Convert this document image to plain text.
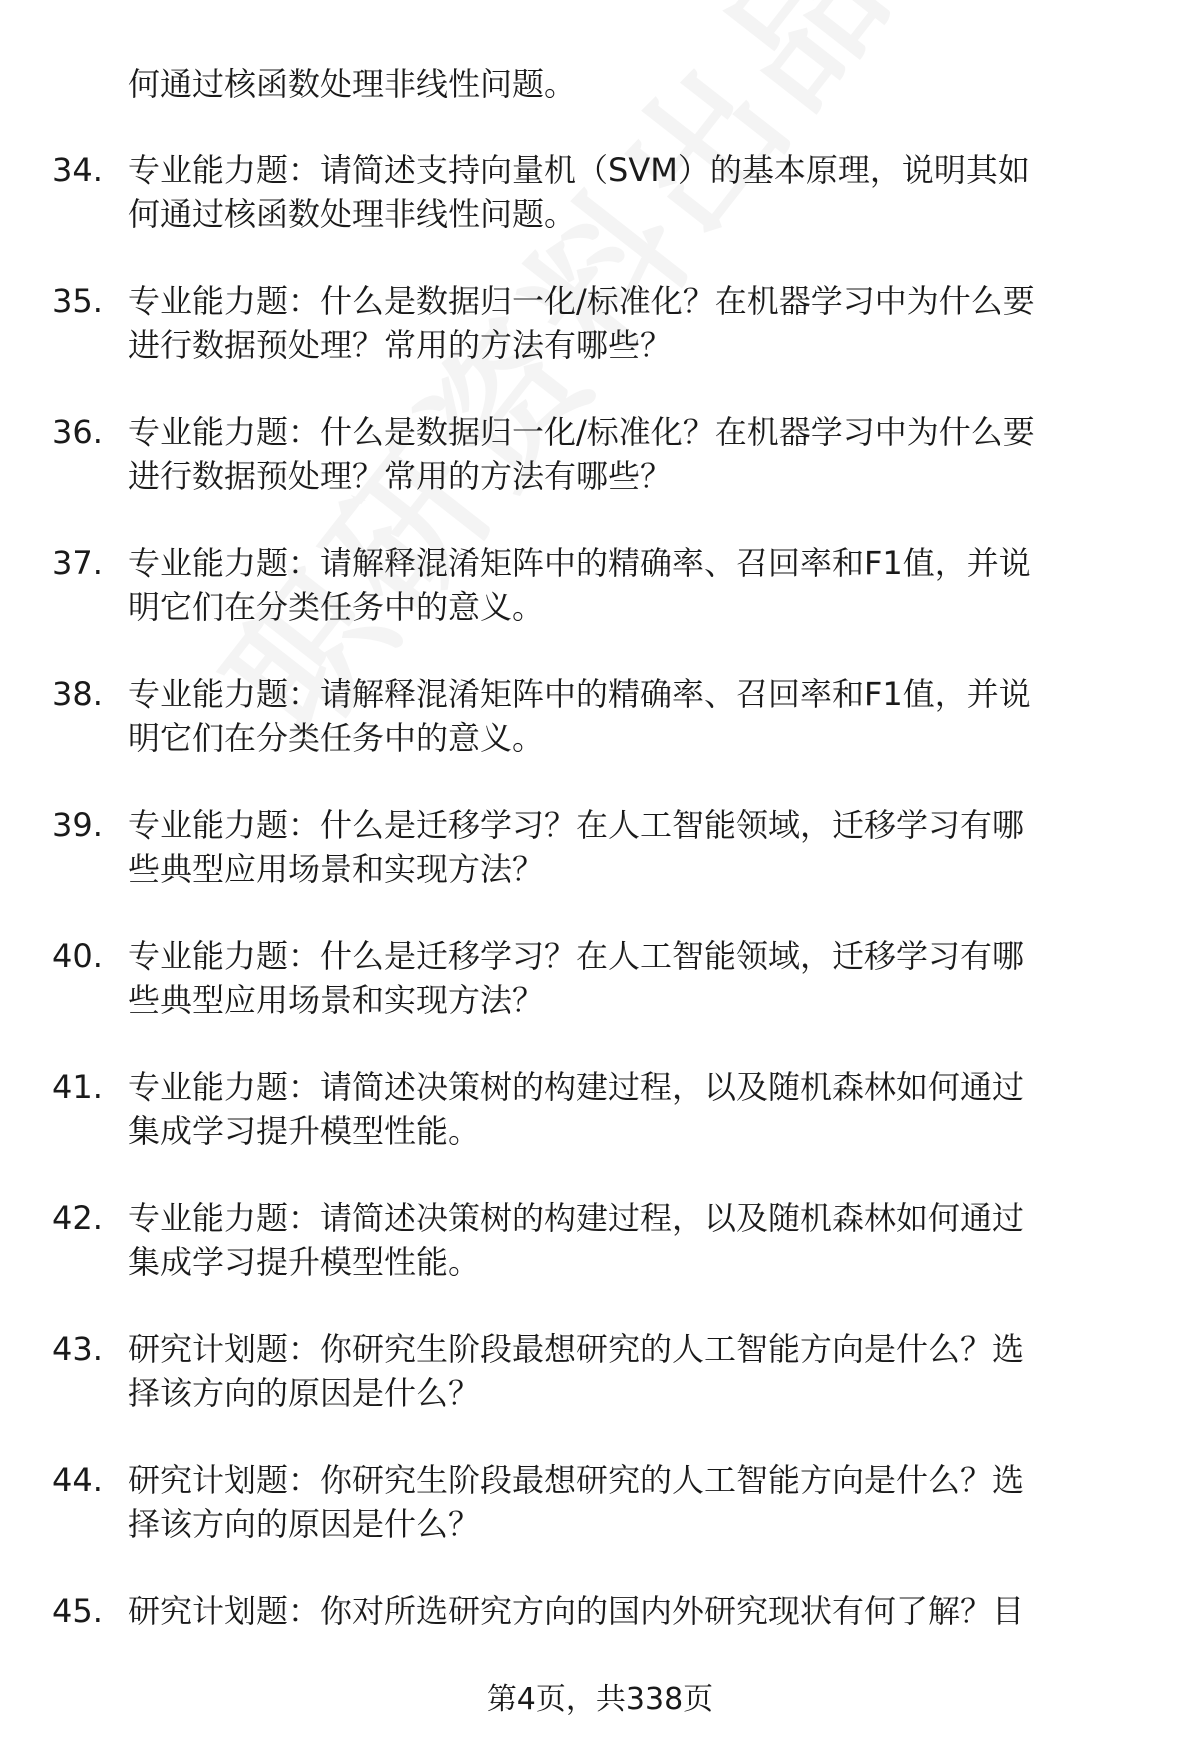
何通过核函数处理非线性问题。
34. 专业能力题：请简述支持向量机（SVM）的基本原理，说明其如
何通过核函数处理非线性问题。
35. 专业能力题：什么是数据归一化/标准化？在机器学习中为什么要
进行数据预处理？常用的方法有哪些？
36. 专业能力题：什么是数据归一化/标准化？在机器学习中为什么要
进行数据预处理？常用的方法有哪些？
37. 专业能力题：请解释混淆矩阵中的精确率、召回率和F1值，并说
明它们在分类任务中的意义。
38. 专业能力题：请解释混淆矩阵中的精确率、召回率和F1值，并说
明它们在分类任务中的意义。
39. 专业能力题：什么是迁移学习？在人工智能领域，迁移学习有哪
些典型应用场景和实现方法？
40. 专业能力题：什么是迁移学习？在人工智能领域，迁移学习有哪
些典型应用场景和实现方法？
41. 专业能力题：请简述决策树的构建过程，以及随机森林如何通过
集成学习提升模型性能。
42. 专业能力题：请简述决策树的构建过程，以及随机森林如何通过
集成学习提升模型性能。
43. 研究计划题：你研究生阶段最想研究的人工智能方向是什么？选
择该方向的原因是什么？
44. 研究计划题：你研究生阶段最想研究的人工智能方向是什么？选
择该方向的原因是什么？
45. 研究计划题：你对所选研究方向的国内外研究现状有何了解？目
第4页，共338页
